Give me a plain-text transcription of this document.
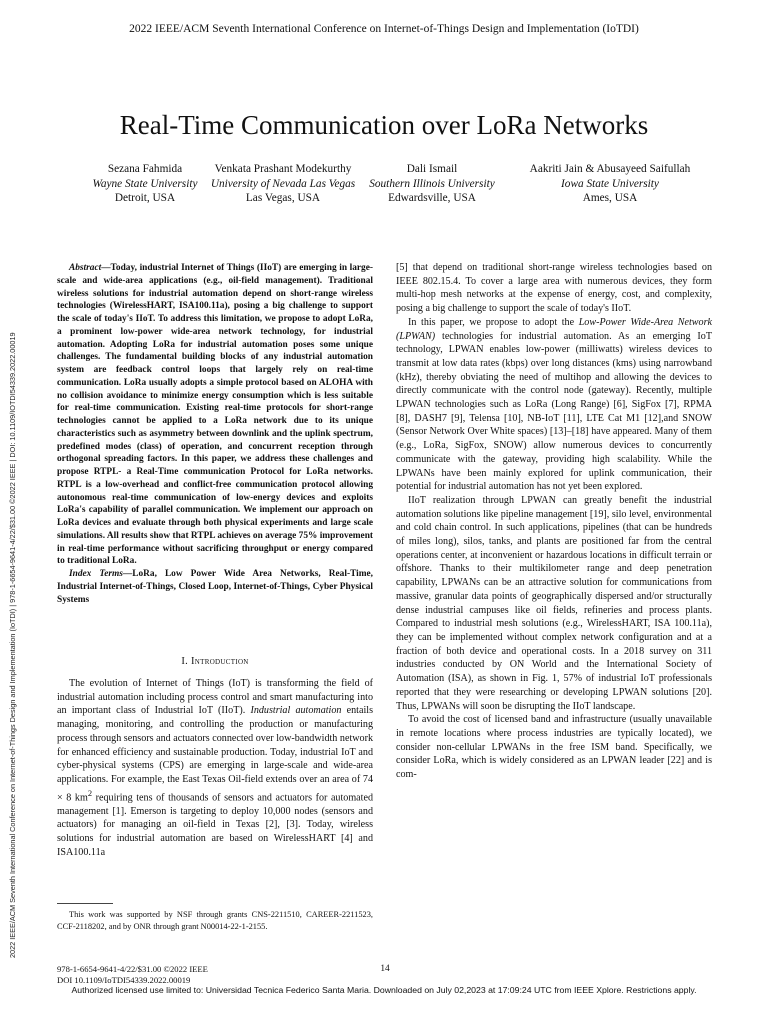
2022 IEEE/ACM Seventh International Conference on Internet-of-Things Design and Implementation (IoTDI)
2022 IEEE/ACM Seventh International Conference on Internet-of-Things Design and Implementation (IoTDI) | 978-1-6654-9641-4/22/$31.00 ©2022 IEEE | DOI: 10.1109/IOTDI54339.2022.00019
Real-Time Communication over LoRa Networks
Sezana Fahmida
Wayne State University
Detroit, USA
Venkata Prashant Modekurthy
University of Nevada Las Vegas
Las Vegas, USA
Dali Ismail
Southern Illinois University
Edwardsville, USA
Aakriti Jain & Abusayeed Saifullah
Iowa State University
Ames, USA

Abstract—Today, industrial Internet of Things (IIoT) are emerging in large-scale and wide-area applications (e.g., oil-field management). Traditional wireless solutions for industrial automation depend on short-range wireless technologies (WirelessHART, ISA100.11a), posing a big challenge to support the scale of today's IIoT. To address this limitation, we propose to adopt LoRa, a prominent low-power wide-area network technology, for industrial automation. Adopting LoRa for industrial automation poses some unique challenges. The fundamental building blocks of any industrial automation system are feedback control loops that largely rely on real-time communication. LoRa usually adopts a simple protocol based on ALOHA with no collision avoidance to minimize energy consumption which is less suitable for real-time communication. Existing real-time protocols for short-range technologies cannot be applied to a LoRa network due to its unique characteristics such as asymmetry between downlink and the uplink spectrum, predefined modes (class) of operation, and concurrent reception through orthogonal spreading factors. In this paper, we address these challenges and propose RTPL- a Real-Time communication Protocol for LoRa networks. RTPL is a low-overhead and conflict-free communication protocol allowing autonomous real-time communication of low-energy devices and exploits LoRa's capability of parallel communication. We implement our approach on LoRa devices and evaluate through both physical experiments and large scale simulations. All results show that RTPL achieves on average 75% improvement in real-time performance without sacrificing throughput or energy compared to traditional LoRa.

Index Terms—LoRa, Low Power Wide Area Networks, Real-Time, Industrial Internet-of-Things, Closed Loop, Internet-of-Things, Cyber Physical Systems

I. Introduction

The evolution of Internet of Things (IoT) is transforming the field of industrial automation including process control and smart manufacturing into an important class of Industrial IoT (IIoT). Industrial automation entails managing, monitoring, and controlling the production or manufacturing process through sensors and actuators connected over low-bandwidth network for enhanced efficiency and sustainable production. Today, industrial IoT and cyber-physical systems (CPS) are emerging in large-scale and wide-area applications. For example, the East Texas Oil-field extends over an area of 74 × 8 $km^2$ requiring tens of thousands of sensors and actuators for automated management [1]. Emerson is targeting to deploy 10,000 nodes (sensors and actuators) for managing an oil-field in Texas [2], [3]. Today, wireless solutions for industrial automation are based on WirelessHART [4] and ISA100.11a

This work was supported by NSF through grants CNS-2211510, CAREER-2211523, CCF-2118202, and by ONR through grant N00014-22-1-2155.

[5] that depend on traditional short-range wireless technologies based on IEEE 802.15.4. To cover a large area with numerous devices, they form multi-hop mesh networks at the expense of energy, cost, and complexity, posing a big challenge to support the scale of today's IIoT.

In this paper, we propose to adopt the Low-Power Wide-Area Network (LPWAN) technologies for industrial automation. As an emerging IoT technology, LPWAN enables low-power (milliwatts) wireless devices to transmit at low data rates (kbps) over long distances (kms) using narrowband (kHz), thereby obviating the need of multihop and allowing the devices to directly communicate with the control node (gateway). Recently, multiple LPWAN technologies such as LoRa (Long Range) [6], SigFox [7], RPMA [8], DASH7 [9], Telensa [10], NB-IoT [11], LTE Cat M1 [12],and SNOW (Sensor Network Over White spaces) [13]–[18] have appeared. Many of them (e.g., LoRa, SigFox, SNOW) allow numerous devices to concurrently communicate with the gateway, providing high scalability. While the LPWANs have been mainly explored for uplink communication, their potential for industrial automation has not yet been explored.

IIoT realization through LPWAN can greatly benefit the industrial automation solutions like pipeline management [19], silo level, environmental and cold chain control. In such applications, pipelines (that can be hundreds of miles long), silos, tanks, and plants are positioned far from the central operations center, at inconvenient or hazardous locations in difficult terrain or offshore. Thanks to their multikilometer range and deep penetration capability, LPWANs can be an attractive solution for communications from massive, granular data points of geographically dispersed and/or structurally dense industrial campuses like oil fields, refineries and process plants. Compared to industrial mesh solutions (e.g., WirelessHART, ISA 100.11a), they can be implemented without complex network configuration and at a fraction of both device and operational costs. In a 2018 survey on 311 industries conducted by ON World and the International Society of Automation (ISA), as shown in Fig. 1, 57% of industrial IoT professionals reported that they were researching or developing LPWAN solutions [20]. Thus, LPWANs will soon be disrupting the IIoT landscape.

To avoid the cost of licensed band and infrastructure (usually unavailable in remote locations where process industries are typically located), we consider non-cellular LPWANs in the free ISM band. Specifically, we consider LoRa, which is widely considered as an LPWAN leader [22] and is com-

978-1-6654-9641-4/22/$31.00 ©2022 IEEE
DOI 10.1109/IoTDI54339.2022.00019
14
Authorized licensed use limited to: Universidad Tecnica Federico Santa Maria. Downloaded on July 02,2023 at 17:09:24 UTC from IEEE Xplore. Restrictions apply.
